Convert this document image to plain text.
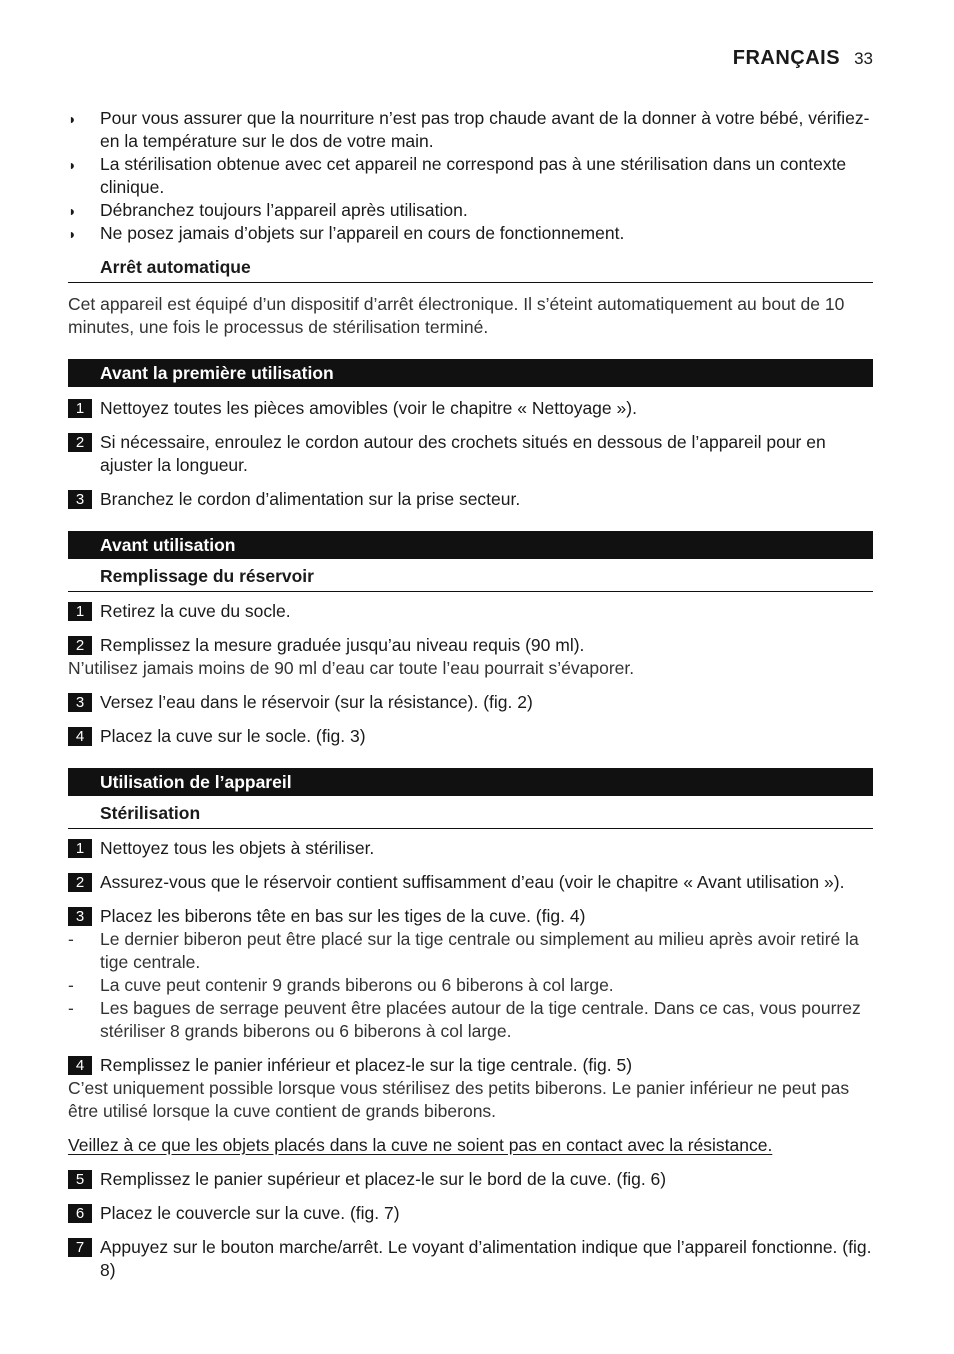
FRANÇAIS 33
◗ Pour vous assurer que la nourriture n’est pas trop chaude avant de la donner à votre bébé, vérifiez-en la température sur le dos de votre main.
◗ La stérilisation obtenue avec cet appareil ne correspond pas à une stérilisation dans un contexte clinique.
◗ Débranchez toujours l’appareil après utilisation.
◗ Ne posez jamais d’objets sur l’appareil en cours de fonctionnement.
Arrêt automatique
Cet appareil est équipé d’un dispositif d’arrêt électronique. Il s’éteint automatiquement au bout de 10 minutes, une fois le processus de stérilisation terminé.
Avant la première utilisation
1 Nettoyez toutes les pièces amovibles (voir le chapitre « Nettoyage »).
2 Si nécessaire, enroulez le cordon autour des crochets situés en dessous de l’appareil pour en ajuster la longueur.
3 Branchez le cordon d’alimentation sur la prise secteur.
Avant utilisation
Remplissage du réservoir
1 Retirez la cuve du socle.
2 Remplissez la mesure graduée jusqu’au niveau requis (90 ml).
N’utilisez jamais moins de 90 ml d’eau car toute l’eau pourrait s’évaporer.
3 Versez l’eau dans le réservoir (sur la résistance). (fig. 2)
4 Placez la cuve sur le socle. (fig. 3)
Utilisation de l’appareil
Stérilisation
1 Nettoyez tous les objets à stériliser.
2 Assurez-vous que le réservoir contient suffisamment d’eau (voir le chapitre « Avant utilisation »).
3 Placez les biberons tête en bas sur les tiges de la cuve. (fig. 4)
- Le dernier biberon peut être placé sur la tige centrale ou simplement au milieu après avoir retiré la tige centrale.
- La cuve peut contenir 9 grands biberons ou 6 biberons à col large.
- Les bagues de serrage peuvent être placées autour de la tige centrale. Dans ce cas, vous pourrez stériliser 8 grands biberons ou 6 biberons à col large.
4 Remplissez le panier inférieur et placez-le sur la tige centrale. (fig. 5)
C’est uniquement possible lorsque vous stérilisez des petits biberons. Le panier inférieur ne peut pas être utilisé lorsque la cuve contient de grands biberons.
Veillez à ce que les objets placés dans la cuve ne soient pas en contact avec la résistance.
5 Remplissez le panier supérieur et placez-le sur le bord de la cuve. (fig. 6)
6 Placez le couvercle sur la cuve. (fig. 7)
7 Appuyez sur le bouton marche/arrêt. Le voyant d’alimentation indique que l’appareil fonctionne. (fig. 8)
